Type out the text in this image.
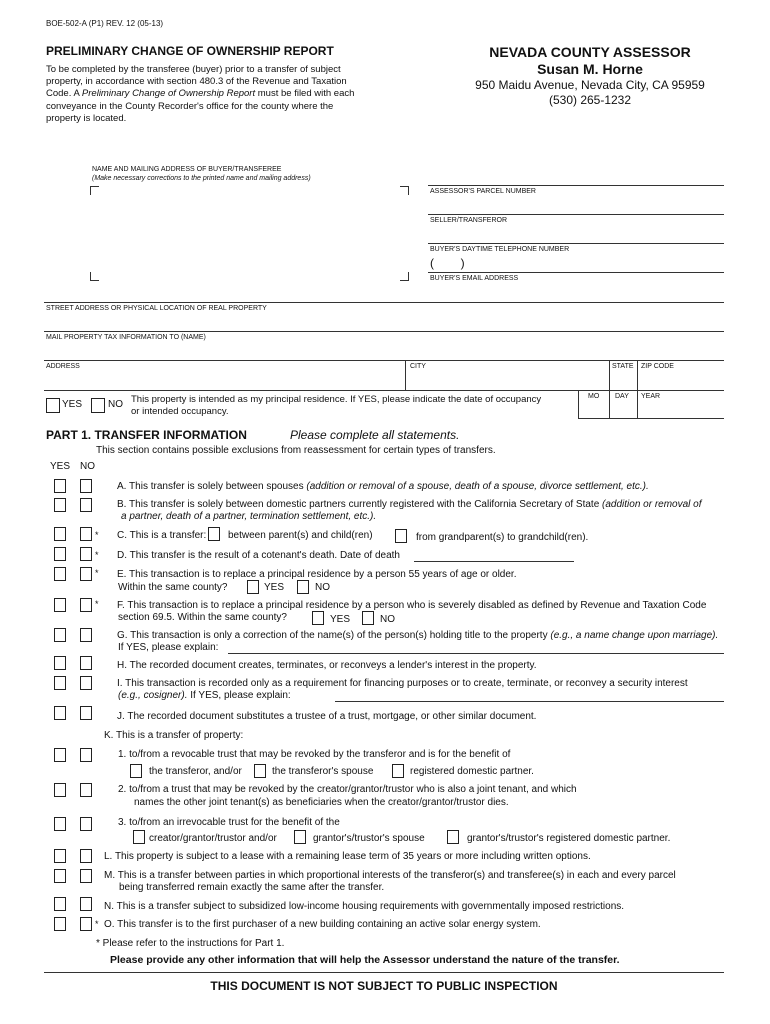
BOE-502-A (P1) REV. 12 (05-13)
PRELIMINARY CHANGE OF OWNERSHIP REPORT
To be completed by the transferee (buyer) prior to a transfer of subject
property, in accordance with section 480.3 of the Revenue and Taxation
Code. A Preliminary Change of Ownership Report must be filed with each
conveyance in the County Recorder's office for the county where the
property is located.
NEVADA COUNTY ASSESSOR
Susan M. Horne
950 Maidu Avenue, Nevada City, CA 95959
(530) 265-1232
NAME AND MAILING ADDRESS OF BUYER/TRANSFEREE
(Make necessary corrections to the printed name and mailing address)
ASSESSOR'S PARCEL NUMBER
SELLER/TRANSFEROR
BUYER'S DAYTIME TELEPHONE NUMBER
(        )
BUYER'S EMAIL ADDRESS
STREET ADDRESS OR PHYSICAL LOCATION OF REAL PROPERTY
MAIL PROPERTY TAX INFORMATION TO (NAME)
ADDRESS	CITY	STATE ZIP CODE
YES	NO This property is intended as my principal residence. If YES, please indicate the date of occupancy
or intended occupancy.
MO DAY YEAR
PART 1. TRANSFER INFORMATION	Please complete all statements.
This section contains possible exclusions from reassessment for certain types of transfers.
YES NO
A. This transfer is solely between spouses (addition or removal of a spouse, death of a spouse, divorce settlement, etc.).
B. This transfer is solely between domestic partners currently registered with the California Secretary of State (addition or removal of
a partner, death of a partner, termination settlement, etc.).
* C. This is a transfer: between parent(s) and child(ren)	from grandparent(s) to grandchild(ren).
* D. This transfer is the result of a cotenant's death. Date of death
* E. This transaction is to replace a principal residence by a person 55 years of age or older.
Within the same county?	YES	NO
* F. This transaction is to replace a principal residence by a person who is severely disabled as defined by Revenue and Taxation Code
section 69.5. Within the same county?	YES	NO
G. This transaction is only a correction of the name(s) of the person(s) holding title to the property (e.g., a name change upon marriage).
If YES, please explain:
H. The recorded document creates, terminates, or reconveys a lender's interest in the property.
I. This transaction is recorded only as a requirement for financing purposes or to create, terminate, or reconvey a security interest
(e.g., cosigner). If YES, please explain:
J. The recorded document substitutes a trustee of a trust, mortgage, or other similar document.
K. This is a transfer of property:
1. to/from a revocable trust that may be revoked by the transferor and is for the benefit of
the transferor, and/or	the transferor's spouse	registered domestic partner.
2. to/from a trust that may be revoked by the creator/grantor/trustor who is also a joint tenant, and which
names the other joint tenant(s) as beneficiaries when the creator/grantor/trustor dies.
3. to/from an irrevocable trust for the benefit of the
creator/grantor/trustor and/or	grantor's/trustor's spouse	grantor's/trustor's registered domestic partner.
L. This property is subject to a lease with a remaining lease term of 35 years or more including written options.
M. This is a transfer between parties in which proportional interests of the transferor(s) and transferee(s) in each and every parcel
being transferred remain exactly the same after the transfer.
N. This is a transfer subject to subsidized low-income housing requirements with governmentally imposed restrictions.
* O. This transfer is to the first purchaser of a new building containing an active solar energy system.
* Please refer to the instructions for Part 1.
Please provide any other information that will help the Assessor understand the nature of the transfer.
THIS DOCUMENT IS NOT SUBJECT TO PUBLIC INSPECTION
